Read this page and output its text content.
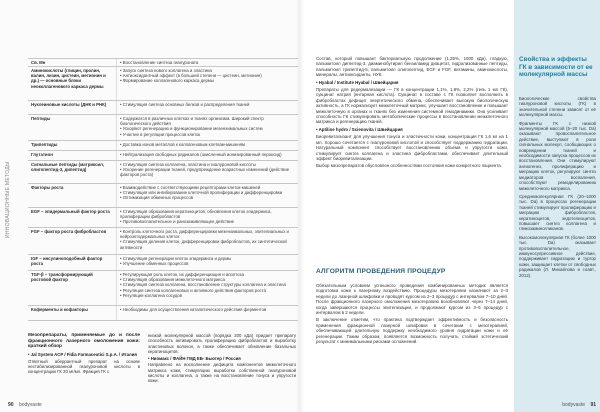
ИННОВАЦИОННЫЕ МЕТОДЫ
Св. Мн	• Восстановление синтеза гиалуроната
Аминокислоты (глицин, пролин, валин, лизин, цистеин, метионин и др.) — основные блоки неоколлагенового каркаса дермы
• Запуск синтеза нового коллагена и эластина
• Антиоксидантный эффект (в большей степени — цистеин, метионин)
• Формирование коллагенового каркаса дермы
Нуклеиновые кислоты (ДНК и РНК)	• Стимуляция синтеза основных белков и распределения тканей
Пептиды	• Содержатся в различных клетках и тканях организма. Широкий спектр биологического действия
• Ускоряют регенерацию и функционирование мезенхимальных систем
• Участие в регуляции процессов клеток
Трипептиды	• Доставка ионов металлов к коллагеновым клеткам-мишеням
Глутатион	• Нейтрализация свободных радикалов (окисленный ионизированный пероксид)
Сигнальные пептиды (матриксил, олигопептид-3, дипептид)
• Стимуляция синтеза коллагена, эластина и гиалуроновой кислоты
• Ускорение регенерации тканей, предупреждение возрастных изменений (действие факторов роста)
Факторы роста	• Взаимодействие с соответствующими рецепторами клеток-мишеней
• Стимуляция или ингибирование клеточной пролиферации и дифференцировки
• Оптимизация обменных процессов
EGF – эпидермальный фактор роста	• Стимуляция образования кератиноцитов, обновления клеток эпидермиса, пролиферации фибробластов
• Противовоспалительное и ранозаживляющее действие
FGF – фактор роста фибробластов	• Контроль клеточного роста, дифференцировки мезенхимальных, эпителиальных и нейроэктодермальных клеток
• Стимуляция деления клеток, дифференцировки фибробластов, их синтетической активности
IGF – инсулиноподобный фактор роста
• Стимуляция регенерации клеток эпидермиса и дермы
• Улучшение обменных процессов
TGF-β – трансформирующий ростовой фактор
• Регулирующая роль клеток, их дифференциация и апоптоза
• Стимуляция образования межклеточного матрикса
• Стимуляция синтеза коллагена, восстановление структуры коллагена и эластина
• Регуляция синтеза коллагеновых и активного действия факторов роста
• Регуляция коллагена сосудов
Коферменты и кофакторы	• Необходимы для осуществления каталитического действия ферментов

Мезопрепараты, применяемые до и после фракционного лазерного омоложения кожи: краткий обзор

• Jal System ACP / Fidia Farmaceutici S.p.A. / Италия

Ответный аберрантный препарат на основе нестабилизированной гиалуроновой кислоты в концентрации ГК 20 мг/мл. Фракция ГК с

низкой молекулярной массой (порядка 200 кДа) придает препарату способность активировать пролиферацию фибробластов и выработку эластиновых волокон, а также обеспечивает обновление базальных кератиноцитов.

• Ниомакс / ФАЙН ГМД ЕБ- Бьютер / Россия

Направлено на восполнение дефицита компонентов межклеточного матрикса кожи, стимуляцию выработки собственной гиалуроновой кислоты и коллагена, а также на восстановление тонуса и упругости кожи.

90 bodyvaste

Состав, который повышает бактериальную продолжение (1,25%, 1000 кДа), гладкую, пальмитоил дипептид-3, диаминобутирил бензиламид диацетат, гидролизованные пептиды, пальмитоил трипептид-5, пальмитоил олигопептид, EGF и FGF, витамины, аминокислоты, минералы, антиоксиданты, НУК.

• Hyabal / Institute Hyabal / Швейцария

Препараты для редермализации — ГК в концентрации 1,1%, 1,8%, 2,2% (гель 1 мл ГК), сукцинат натрия (янтарная кислота). Сукцинат в составе с ГК позволяет восполнить в фибробластах дефицит энергетического обмена, обеспечивает высокую биологическую активность, а ГК нормализует межклеточный матрикс, улучшает восстановление и повышает межклеточную в органах и тканях без изменения системной гемодинамики. Она усиливает способность ГК стимулировать метаболические процессы в восстановлении межклеточного матрикса и регенерацию тканей.

• Aptiline hydro / Scienovita / Швейцария

Биоревитализант для улучшения тонуса и эластичности кожи, концентрация ГК 1,6 мг на 1 мл. Хорошо сочетается с гиалуроновой кислотой и способствует поддержанию гидратации. Натуральный компонент способствует восстановлению объема и упругости кожи, стимулирует синтез коллагена и эластина фибробластами, обеспечивает длительный эффект биоревитализации.

Выбор мезопрепаратов обусловлен особенностями состояния кожи конкретного пациента.

АЛГОРИТМ ПРОВЕДЕНИЯ ПРОЦЕДУР

Обязательным условием успешного проведения комбинированных методик является подготовка кожи к лазерному воздействию. Процедуры мезотерапии назначают за 2–3 недели до лазерной шлифовки и проводят курсом из 2–3 процедур с интервалом 7–10 дней. После фракционного лазерного омоложения мезотерапию возобновляют через 7–14 дней, когда завершаются процессы эпителизации, и продолжают курсом из 3–5 процедур с интервалом в 2 недели.

В заключение отметим, что практика подтверждает эффективность и безопасность применения фракционной лазерной шлифовки в сочетании с мезотерапией, обеспечивающей длительную поддержку необходимого уровня гидратации кожи и её регенерации. Таким образом, появляется возможность получать стойкий эстетический результат с минимальными рисками осложнений.

Свойства и эффекты ГК в зависимости от ее молекулярной массы

Биологические свойства гиалуроновой кислоты (ГК) в значительной степени зависят от её молекулярной массы.

Фрагменты ГК с низкой молекулярной массой (5–20 тыс. Da) оказывают провоспалительное действие, выступают в роли сигнальных молекул, сообщающих о повреждении тканей и необходимости запуска процессов их восстановления. Они стимулируют ангиогенез, пролиферацию и миграцию клеток, регулируют синтез медиаторов воспаления, способствуют ремоделированию межклеточного матрикса.

Среднемолекулярная ГК (20–1000 тыс. Da) в процессах регенерации тканей стимулирует пролиферацию и миграцию фибробластов, кератиноцитов, эндотелиоцитов, повышает синтез коллагена и гликозаминогликанов.

Высокомолекулярная ГК (более 1000 тыс. Da) оказывает противовоспалительное, иммуносупрессивное действие, поддерживает гидратацию и тургор кожи, защищает клетки от свободных радикалов (Л. Михайлова и соавт., 2012).

bodyvaste 91
